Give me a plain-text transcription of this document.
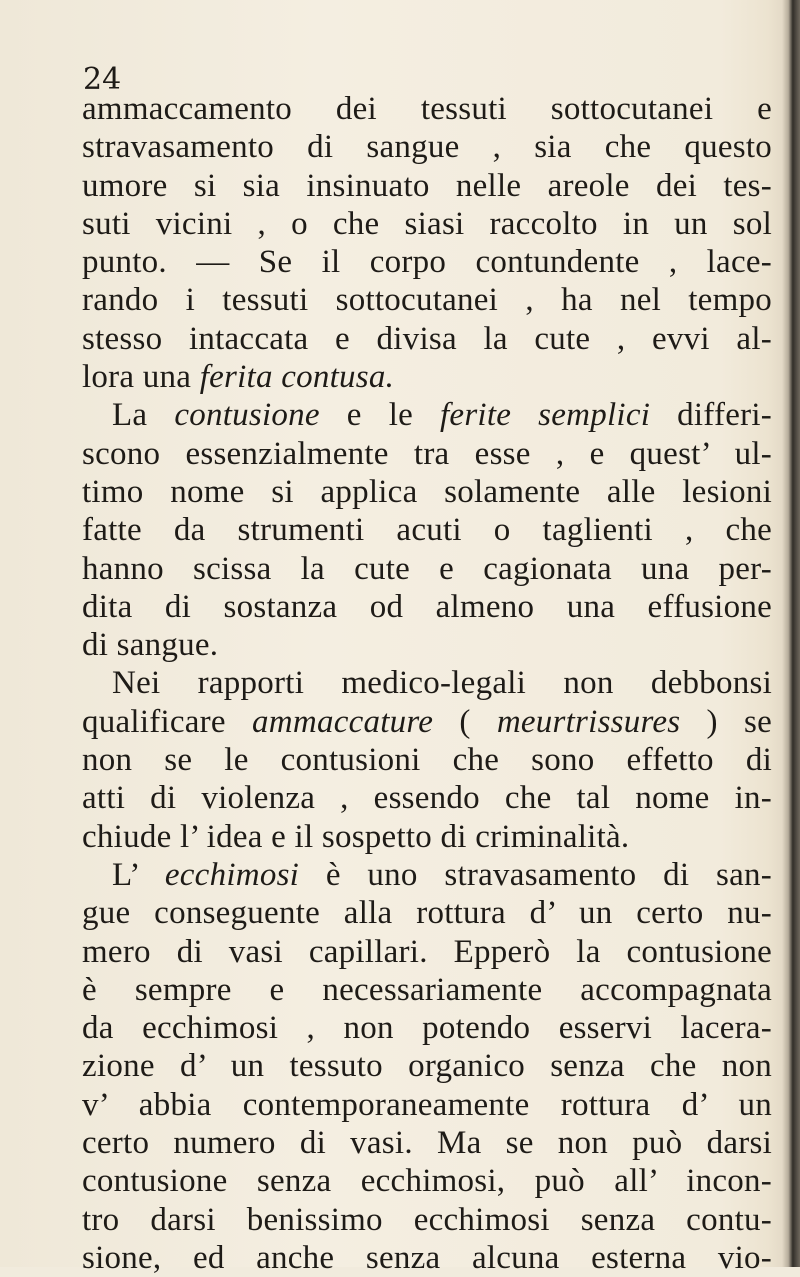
24
ammaccamento dei tessuti sottocutanei e
stravasamento di sangue , sia che questo
umore si sia insinuato nelle areole dei tes-
suti vicini , o che siasi raccolto in un sol
punto. — Se il corpo contundente , lace-
rando i tessuti sottocutanei , ha nel tempo
stesso intaccata e divisa la cute , evvi al-
lora una ferita contusa.
La contusione e le ferite semplici differi-
scono essenzialmente tra esse , e quest’ ul-
timo nome si applica solamente alle lesioni
fatte da strumenti acuti o taglienti , che
hanno scissa la cute e cagionata una per-
dita di sostanza od almeno una effusione
di sangue.
Nei rapporti medico-legali non debbonsi
qualificare ammaccature ( meurtrissures ) se
non se le contusioni che sono effetto di
atti di violenza , essendo che tal nome in-
chiude l’ idea e il sospetto di criminalità.
L’ ecchimosi è uno stravasamento di san-
gue conseguente alla rottura d’ un certo nu-
mero di vasi capillari. Epperò la contusione
è sempre e necessariamente accompagnata
da ecchimosi , non potendo esservi lacera-
zione d’ un tessuto organico senza che non
v’ abbia contemporaneamente rottura d’ un
certo numero di vasi. Ma se non può darsi
contusione senza ecchimosi, può all’ incon-
tro darsi benissimo ecchimosi senza contu-
sione, ed anche senza alcuna esterna vio-
